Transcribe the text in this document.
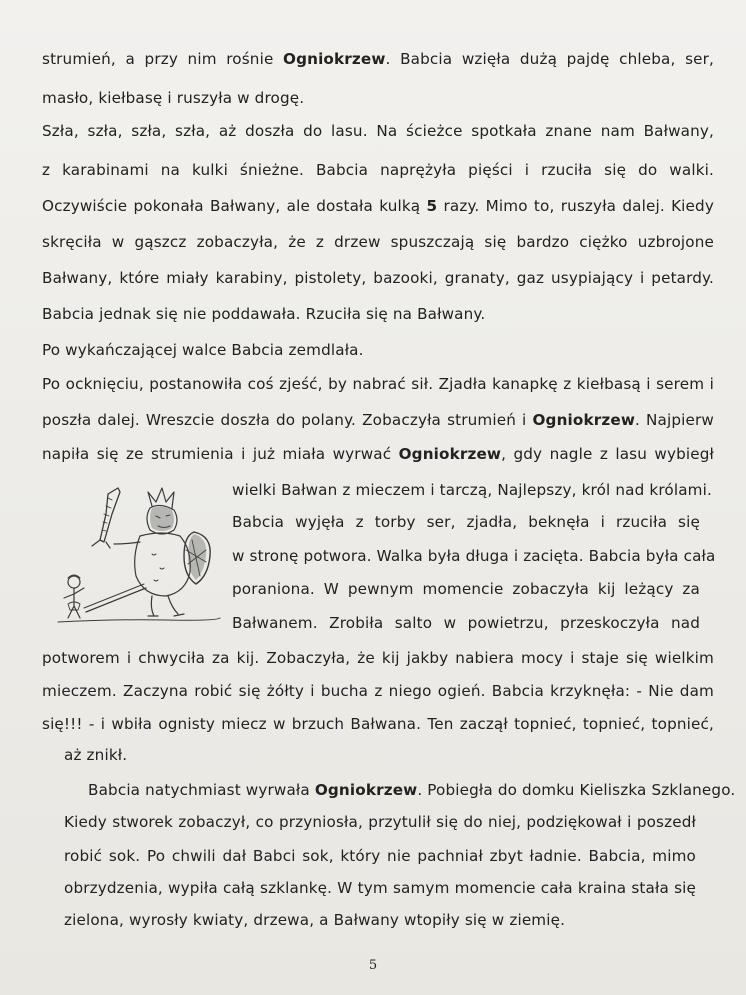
strumień, a przy nim rośnie Ogniokrzew. Babcia wzięła dużą pajdę chleba, ser,
masło, kiełbasę i ruszyła w drogę.
Szła, szła, szła, szła, aż doszła do lasu. Na ścieżce spotkała znane nam Bałwany,
z karabinami na kulki śnieżne. Babcia naprężyła pięści i rzuciła się do walki.
Oczywiście pokonała Bałwany, ale dostała kulką 5 razy. Mimo to, ruszyła dalej. Kiedy
skręciła w gąszcz zobaczyła, że z drzew spuszczają się bardzo ciężko uzbrojone
Bałwany, które miały karabiny, pistolety, bazooki, granaty, gaz usypiający i petardy.
Babcia jednak się nie poddawała. Rzuciła się na Bałwany.
Po wykańczającej walce Babcia zemdlała.
Po ocknięciu, postanowiła coś zjeść, by nabrać sił. Zjadła kanapkę z kiełbasą i serem i
poszła dalej. Wreszcie doszła do polany. Zobaczyła strumień i Ogniokrzew. Najpierw
napiła się ze strumienia i już miała wyrwać Ogniokrzew, gdy nagle z lasu wybiegł
wielki Bałwan z mieczem i tarczą, Najlepszy, król nad królami.
Babcia wyjęła z torby ser, zjadła, beknęła i rzuciła się
w stronę potwora. Walka była długa i zacięta. Babcia była cała
poraniona. W pewnym momencie zobaczyła kij leżący za
Bałwanem. Zrobiła salto w powietrzu, przeskoczyła nad
potworem i chwyciła za kij. Zobaczyła, że kij jakby nabiera mocy i staje się wielkim
mieczem. Zaczyna robić się żółty i bucha z niego ogień. Babcia krzyknęła: - Nie dam
się!!! - i wbiła ognisty miecz w brzuch Bałwana. Ten zaczął topnieć, topnieć, topnieć,
aż znikł.
Babcia natychmiast wyrwała Ogniokrzew. Pobiegła do domku Kieliszka Szklanego.
Kiedy stworek zobaczył, co przyniosła, przytulił się do niej, podziękował i poszedł
robić sok. Po chwili dał Babci sok, który nie pachniał zbyt ładnie. Babcia, mimo
obrzydzenia, wypiła całą szklankę. W tym samym momencie cała kraina stała się
zielona, wyrosły kwiaty, drzewa, a Bałwany wtopiły się w ziemię.
5
